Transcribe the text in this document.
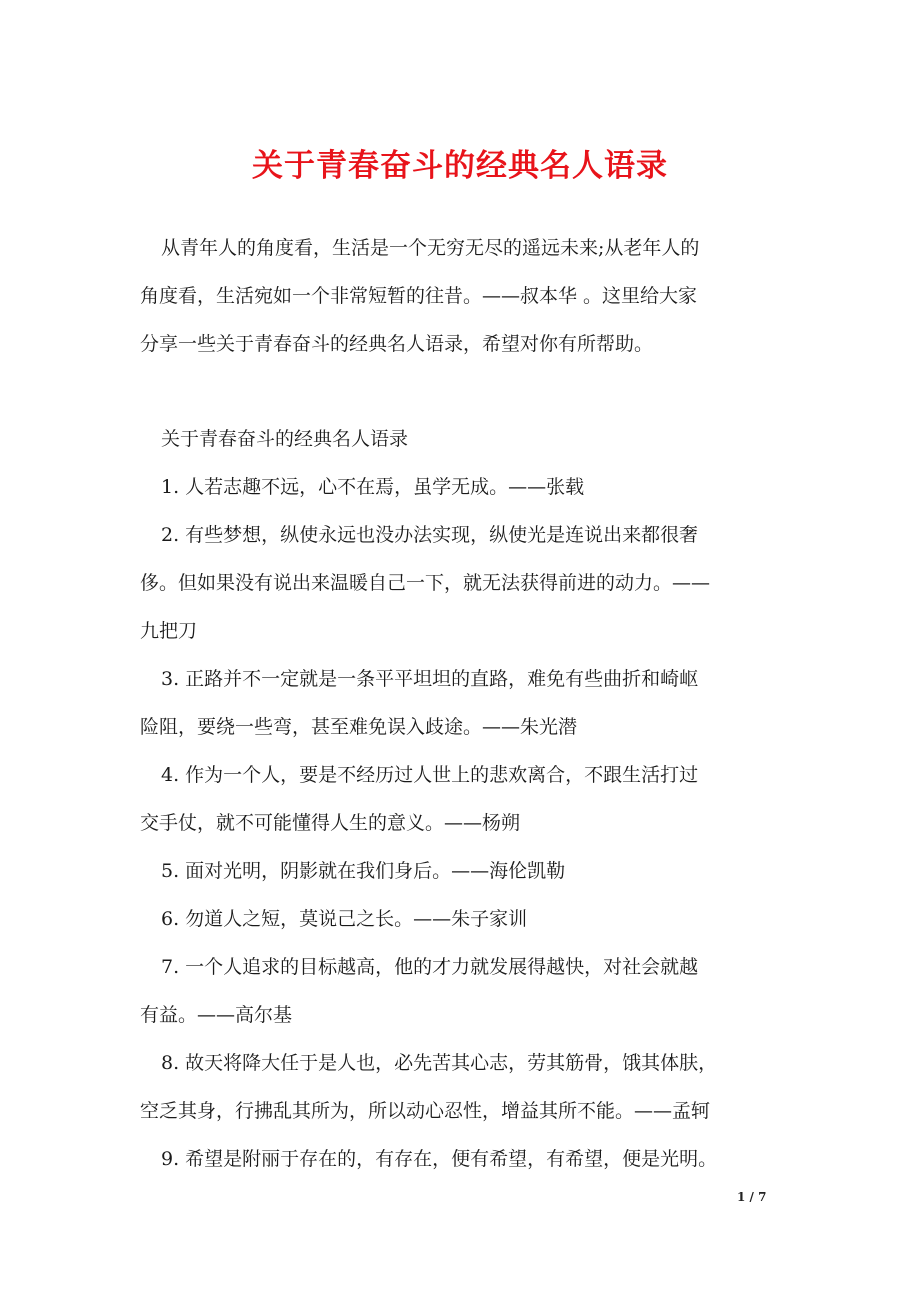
关于青春奋斗的经典名人语录
从青年人的角度看，生活是一个无穷无尽的遥远未来;从老年人的
角度看，生活宛如一个非常短暂的往昔。——叔本华 。这里给大家
分享一些关于青春奋斗的经典名人语录，希望对你有所帮助。
关于青春奋斗的经典名人语录
1. 人若志趣不远，心不在焉，虽学无成。——张载
2. 有些梦想，纵使永远也没办法实现，纵使光是连说出来都很奢
侈。但如果没有说出来温暖自己一下，就无法获得前进的动力。——
九把刀
3. 正路并不一定就是一条平平坦坦的直路，难免有些曲折和崎岖
险阻，要绕一些弯，甚至难免误入歧途。——朱光潜
4. 作为一个人，要是不经历过人世上的悲欢离合，不跟生活打过
交手仗，就不可能懂得人生的意义。——杨朔
5. 面对光明，阴影就在我们身后。——海伦凯勒
6. 勿道人之短，莫说己之长。——朱子家训
7. 一个人追求的目标越高，他的才力就发展得越快，对社会就越
有益。——高尔基
8. 故天将降大任于是人也，必先苦其心志，劳其筋骨，饿其体肤，
空乏其身，行拂乱其所为，所以动心忍性，增益其所不能。——孟轲
9. 希望是附丽于存在的，有存在，便有希望，有希望，便是光明。
1 / 7
